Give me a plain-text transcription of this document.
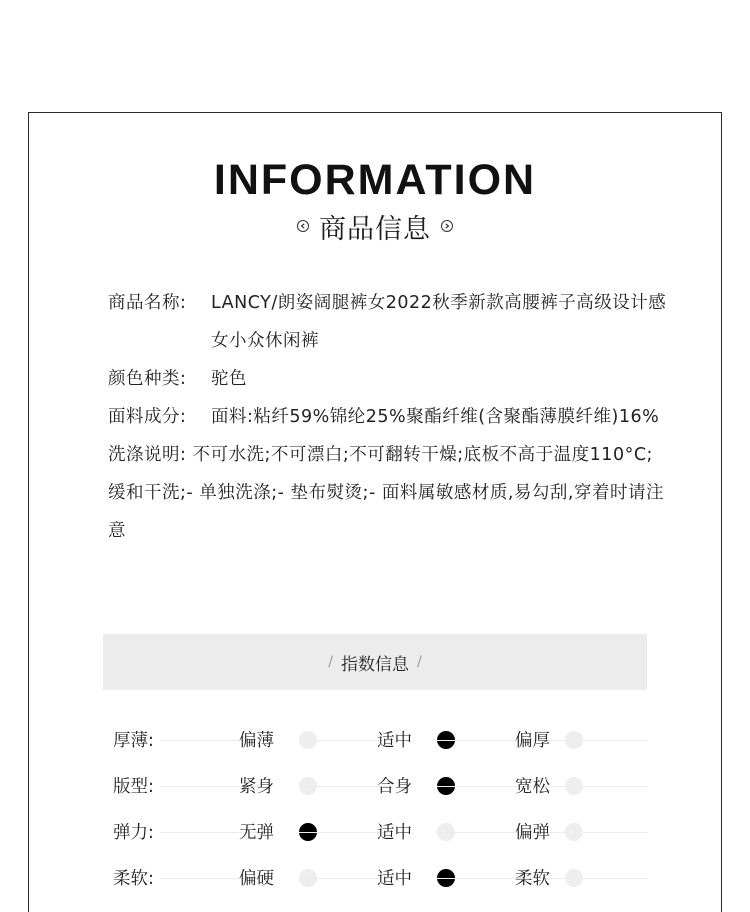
INFORMATION
商品信息
商品名称:	LANCY/朗姿阔腿裤女2022秋季新款高腰裤子高级设计感女小众休闲裤
颜色种类:	驼色
面料成分:	面料:粘纤59%锦纶25%聚酯纤维(含聚酯薄膜纤维)16%
洗涤说明: 不可水洗;不可漂白;不可翻转干燥;底板不高于温度110°C;缓和干洗;- 单独洗涤;- 垫布熨烫;- 面料属敏感材质,易勾刮,穿着时请注意
/ 指数信息 /
厚薄:	偏薄	适中	偏厚
版型:	紧身	合身	宽松
弹力:	无弹	适中	偏弹
柔软:	偏硬	适中	柔软
